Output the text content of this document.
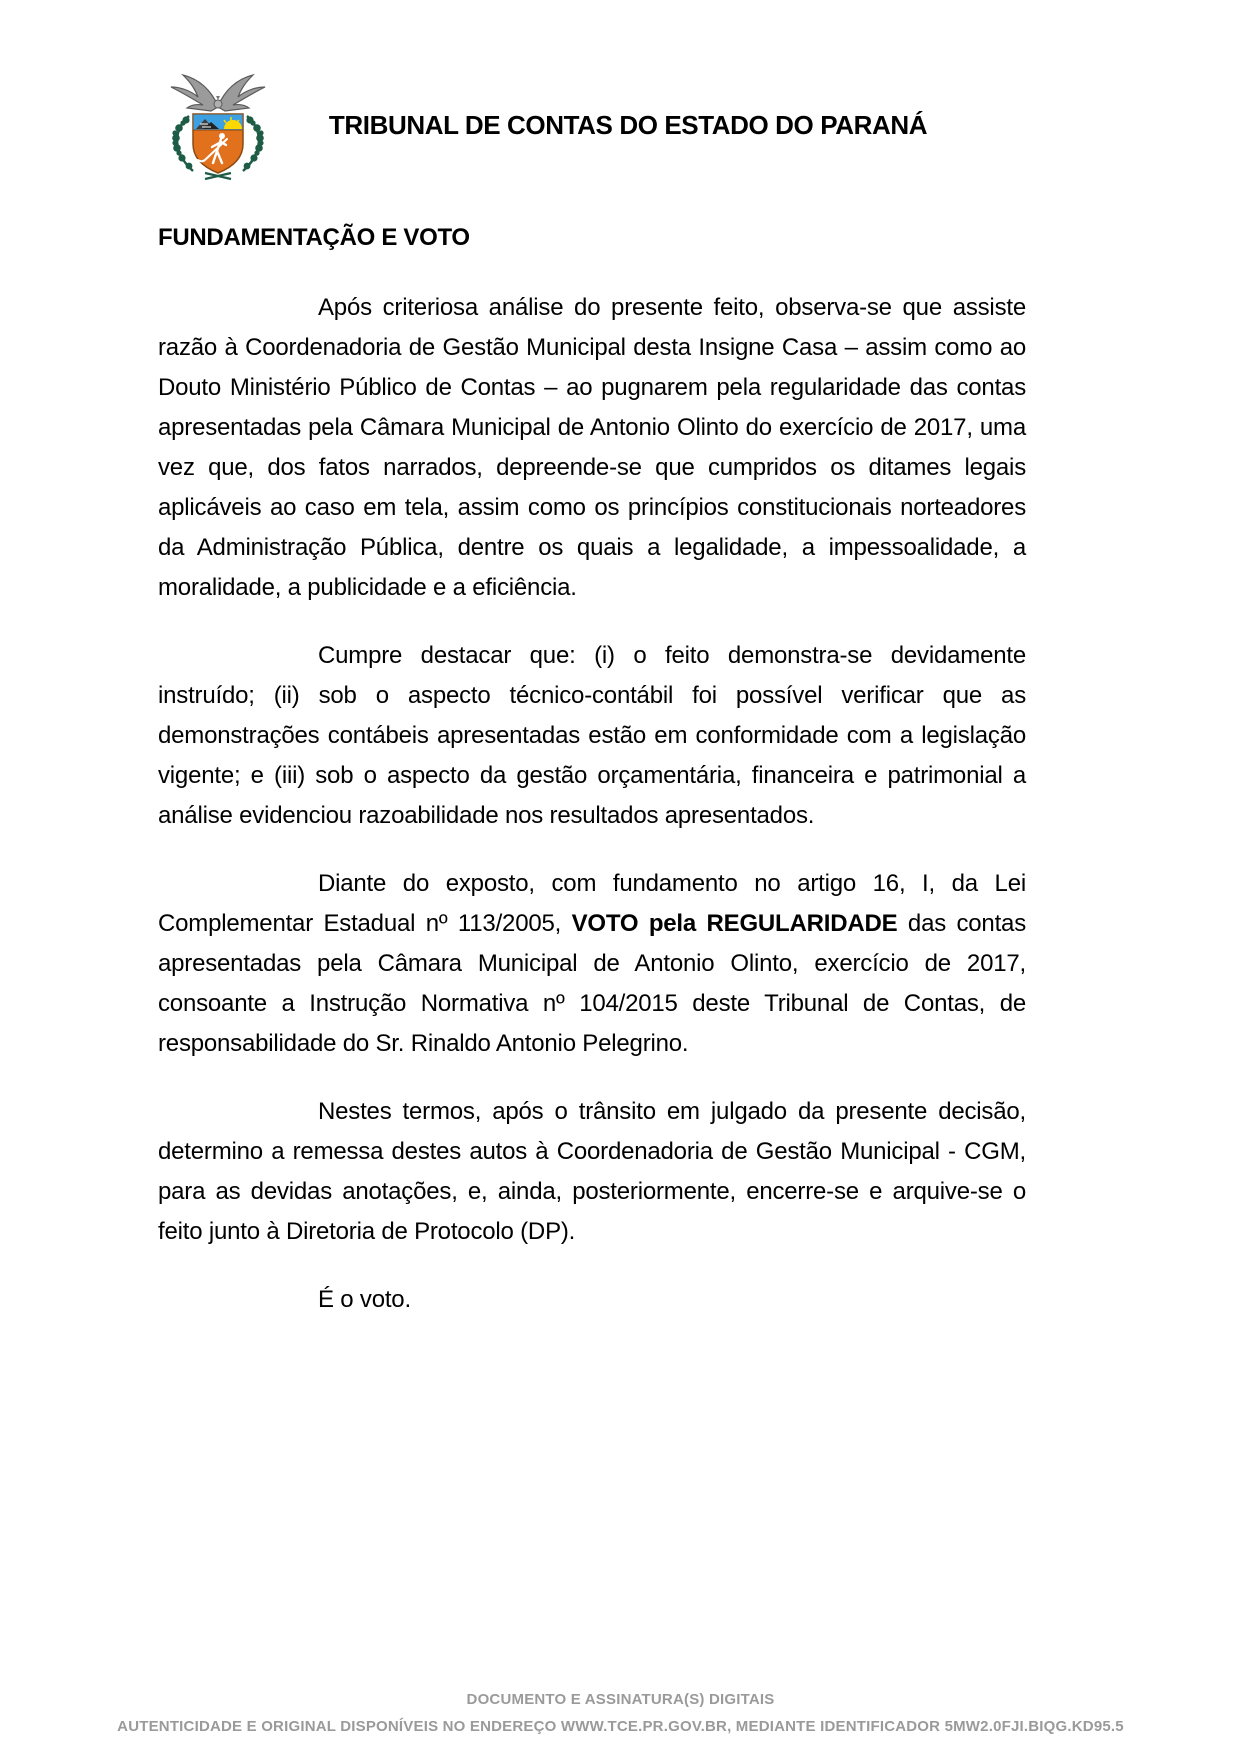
TRIBUNAL DE CONTAS DO ESTADO DO PARANÁ
FUNDAMENTAÇÃO E VOTO

Após criteriosa análise do presente feito, observa-se que assiste razão à Coordenadoria de Gestão Municipal desta Insigne Casa – assim como ao Douto Ministério Público de Contas – ao pugnarem pela regularidade das contas apresentadas pela Câmara Municipal de Antonio Olinto do exercício de 2017, uma vez que, dos fatos narrados, depreende-se que cumpridos os ditames legais aplicáveis ao caso em tela, assim como os princípios constitucionais norteadores da Administração Pública, dentre os quais a legalidade, a impessoalidade, a moralidade, a publicidade e a eficiência.

Cumpre destacar que: (i) o feito demonstra-se devidamente instruído; (ii) sob o aspecto técnico-contábil foi possível verificar que as demonstrações contábeis apresentadas estão em conformidade com a legislação vigente; e (iii) sob o aspecto da gestão orçamentária, financeira e patrimonial a análise evidenciou razoabilidade nos resultados apresentados.

Diante do exposto, com fundamento no artigo 16, I, da Lei Complementar Estadual nº 113/2005, VOTO pela REGULARIDADE das contas apresentadas pela Câmara Municipal de Antonio Olinto, exercício de 2017, consoante a Instrução Normativa nº 104/2015 deste Tribunal de Contas, de responsabilidade do Sr. Rinaldo Antonio Pelegrino.

Nestes termos, após o trânsito em julgado da presente decisão, determino a remessa destes autos à Coordenadoria de Gestão Municipal - CGM, para as devidas anotações, e, ainda, posteriormente, encerre-se e arquive-se o feito junto à Diretoria de Protocolo (DP).

É o voto.

DOCUMENTO E ASSINATURA(S) DIGITAIS
AUTENTICIDADE E ORIGINAL DISPONÍVEIS NO ENDEREÇO WWW.TCE.PR.GOV.BR, MEDIANTE IDENTIFICADOR 5MW2.0FJI.BIQG.KD95.5
